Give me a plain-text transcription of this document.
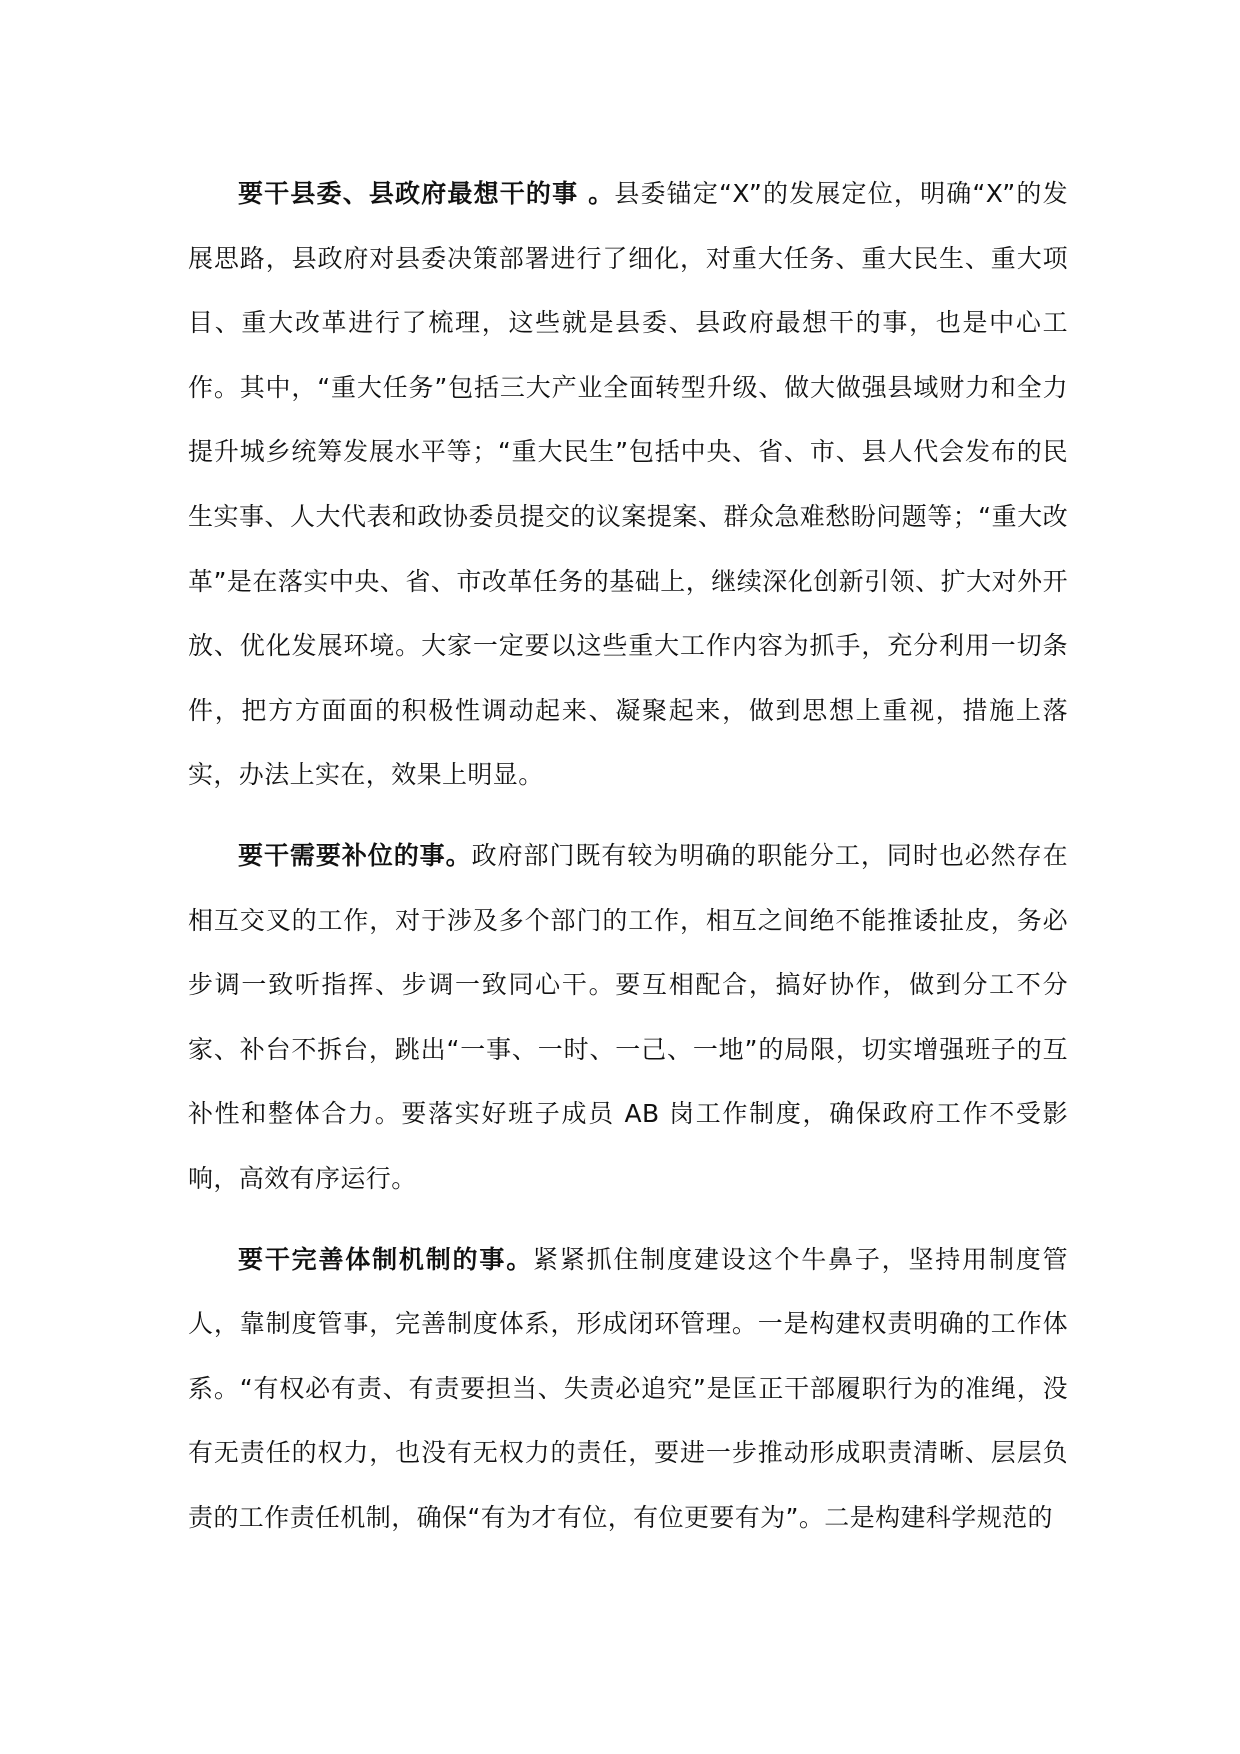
要干县委、县政府最想干的事 。县委锚定“X”的发展定位，明确“X”的发展思路，县政府对县委决策部署进行了细化，对重大任务、重大民生、重大项目、重大改革进行了梳理，这些就是县委、县政府最想干的事，也是中心工作。其中，“重大任务”包括三大产业全面转型升级、做大做强县域财力和全力提升城乡统筹发展水平等；“重大民生”包括中央、省、市、县人代会发布的民生实事、人大代表和政协委员提交的议案提案、群众急难愁盼问题等；“重大改革”是在落实中央、省、市改革任务的基础上，继续深化创新引领、扩大对外开放、优化发展环境。大家一定要以这些重大工作内容为抓手，充分利用一切条件，把方方面面的积极性调动起来、凝聚起来，做到思想上重视，措施上落实，办法上实在，效果上明显。

要干需要补位的事。政府部门既有较为明确的职能分工，同时也必然存在相互交叉的工作，对于涉及多个部门的工作，相互之间绝不能推诿扯皮，务必步调一致听指挥、步调一致同心干。要互相配合，搞好协作，做到分工不分家、补台不拆台，跳出“一事、一时、一己、一地”的局限，切实增强班子的互补性和整体合力。要落实好班子成员 AB 岗工作制度，确保政府工作不受影响，高效有序运行。

要干完善体制机制的事。紧紧抓住制度建设这个牛鼻子，坚持用制度管人，靠制度管事，完善制度体系，形成闭环管理。一是构建权责明确的工作体系。“有权必有责、有责要担当、失责必追究”是匡正干部履职行为的准绳，没有无责任的权力，也没有无权力的责任，要进一步推动形成职责清晰、层层负责的工作责任机制，确保“有为才有位，有位更要有为”。二是构建科学规范的
